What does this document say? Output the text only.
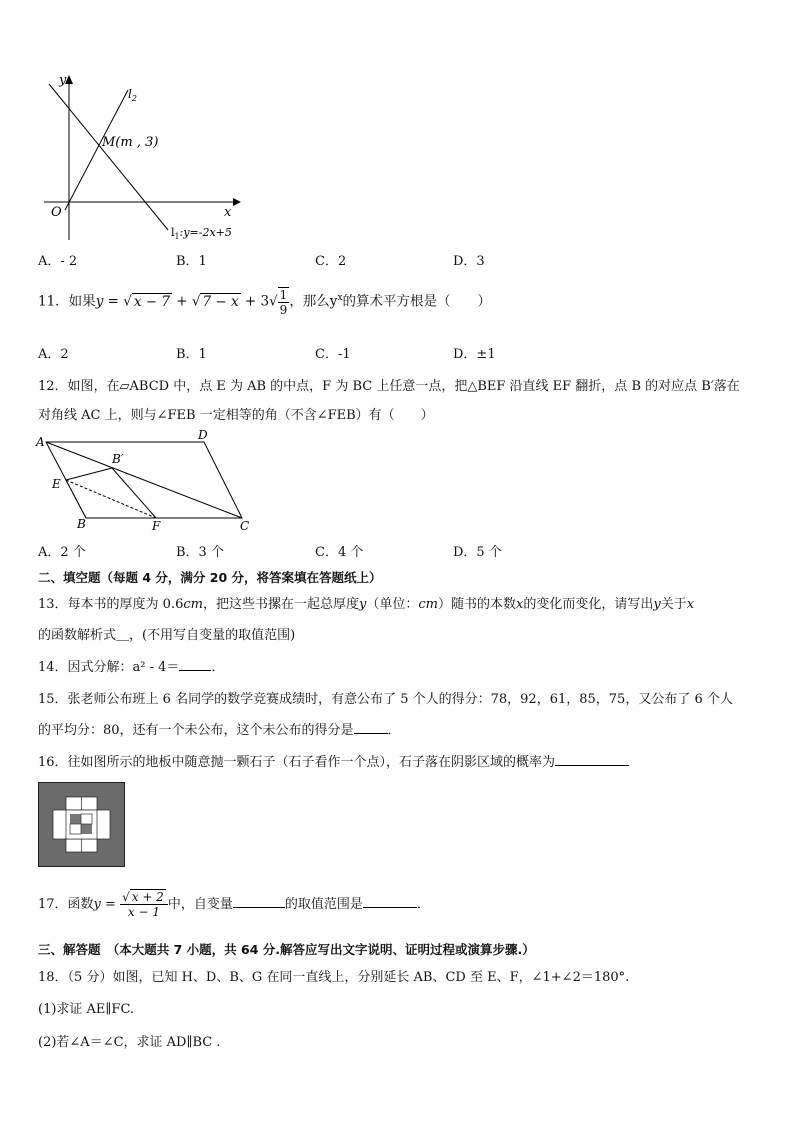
y
x
O
$l_2$
M(m , 3)
$l_1:y=-2x+5$
A．- 2	B．1	C．2	D．3
11．如果y = √ x − 7 + √ $7 - x + 3√ \frac{1}{9}$ ，那么$y^x$的算术平方根是（　　）
A．2	B．1	C．-1	D．±1
12．如图，在▱ABCD 中，点 E 为 AB 的中点，F 为 BC 上任意一点，把△BEF 沿直线 EF 翻折，点 B 的对应点 B′落在
对角线 AC 上，则与∠FEB 一定相等的角（不含∠FEB）有（　　）
A	D
B′
E
B	F	C
A．2 个	B．3 个	C．4 个	D．5 个
二、填空题（每题 4 分，满分 20 分，将答案填在答题纸上）
13．每本书的厚度为 0.6cm，把这些书摞在一起总厚度y（单位：cm）随书的本数x的变化而变化，请写出y关于x
的函数解析式＿，(不用写自变量的取值范围)
14．因式分解：a² - 4＝ ．
15．张老师公布班上 6 名同学的数学竞赛成绩时，有意公布了 5 个人的得分：78，92，61，85，75，又公布了 6 个人
的平均分：80，还有一个未公布，这个未公布的得分是	．
16．往如图所示的地板中随意抛一颗石子（石子看作一个点），石子落在阴影区域的概率为
17．函数$y = \frac{√ x + 2}{x - 1}$ 中，自变量	的取值范围是	．
三、解答题　（本大题共 7 小题，共 64 分.解答应写出文字说明、证明过程或演算步骤.）
18．（5 分）如图，已知 H、D、B、G 在同一直线上，分别延长 AB、CD 至 E、F，∠1+∠2＝180°.
(1)求证 AE∥FC.
(2)若∠A＝∠C，求证 AD∥BC .
